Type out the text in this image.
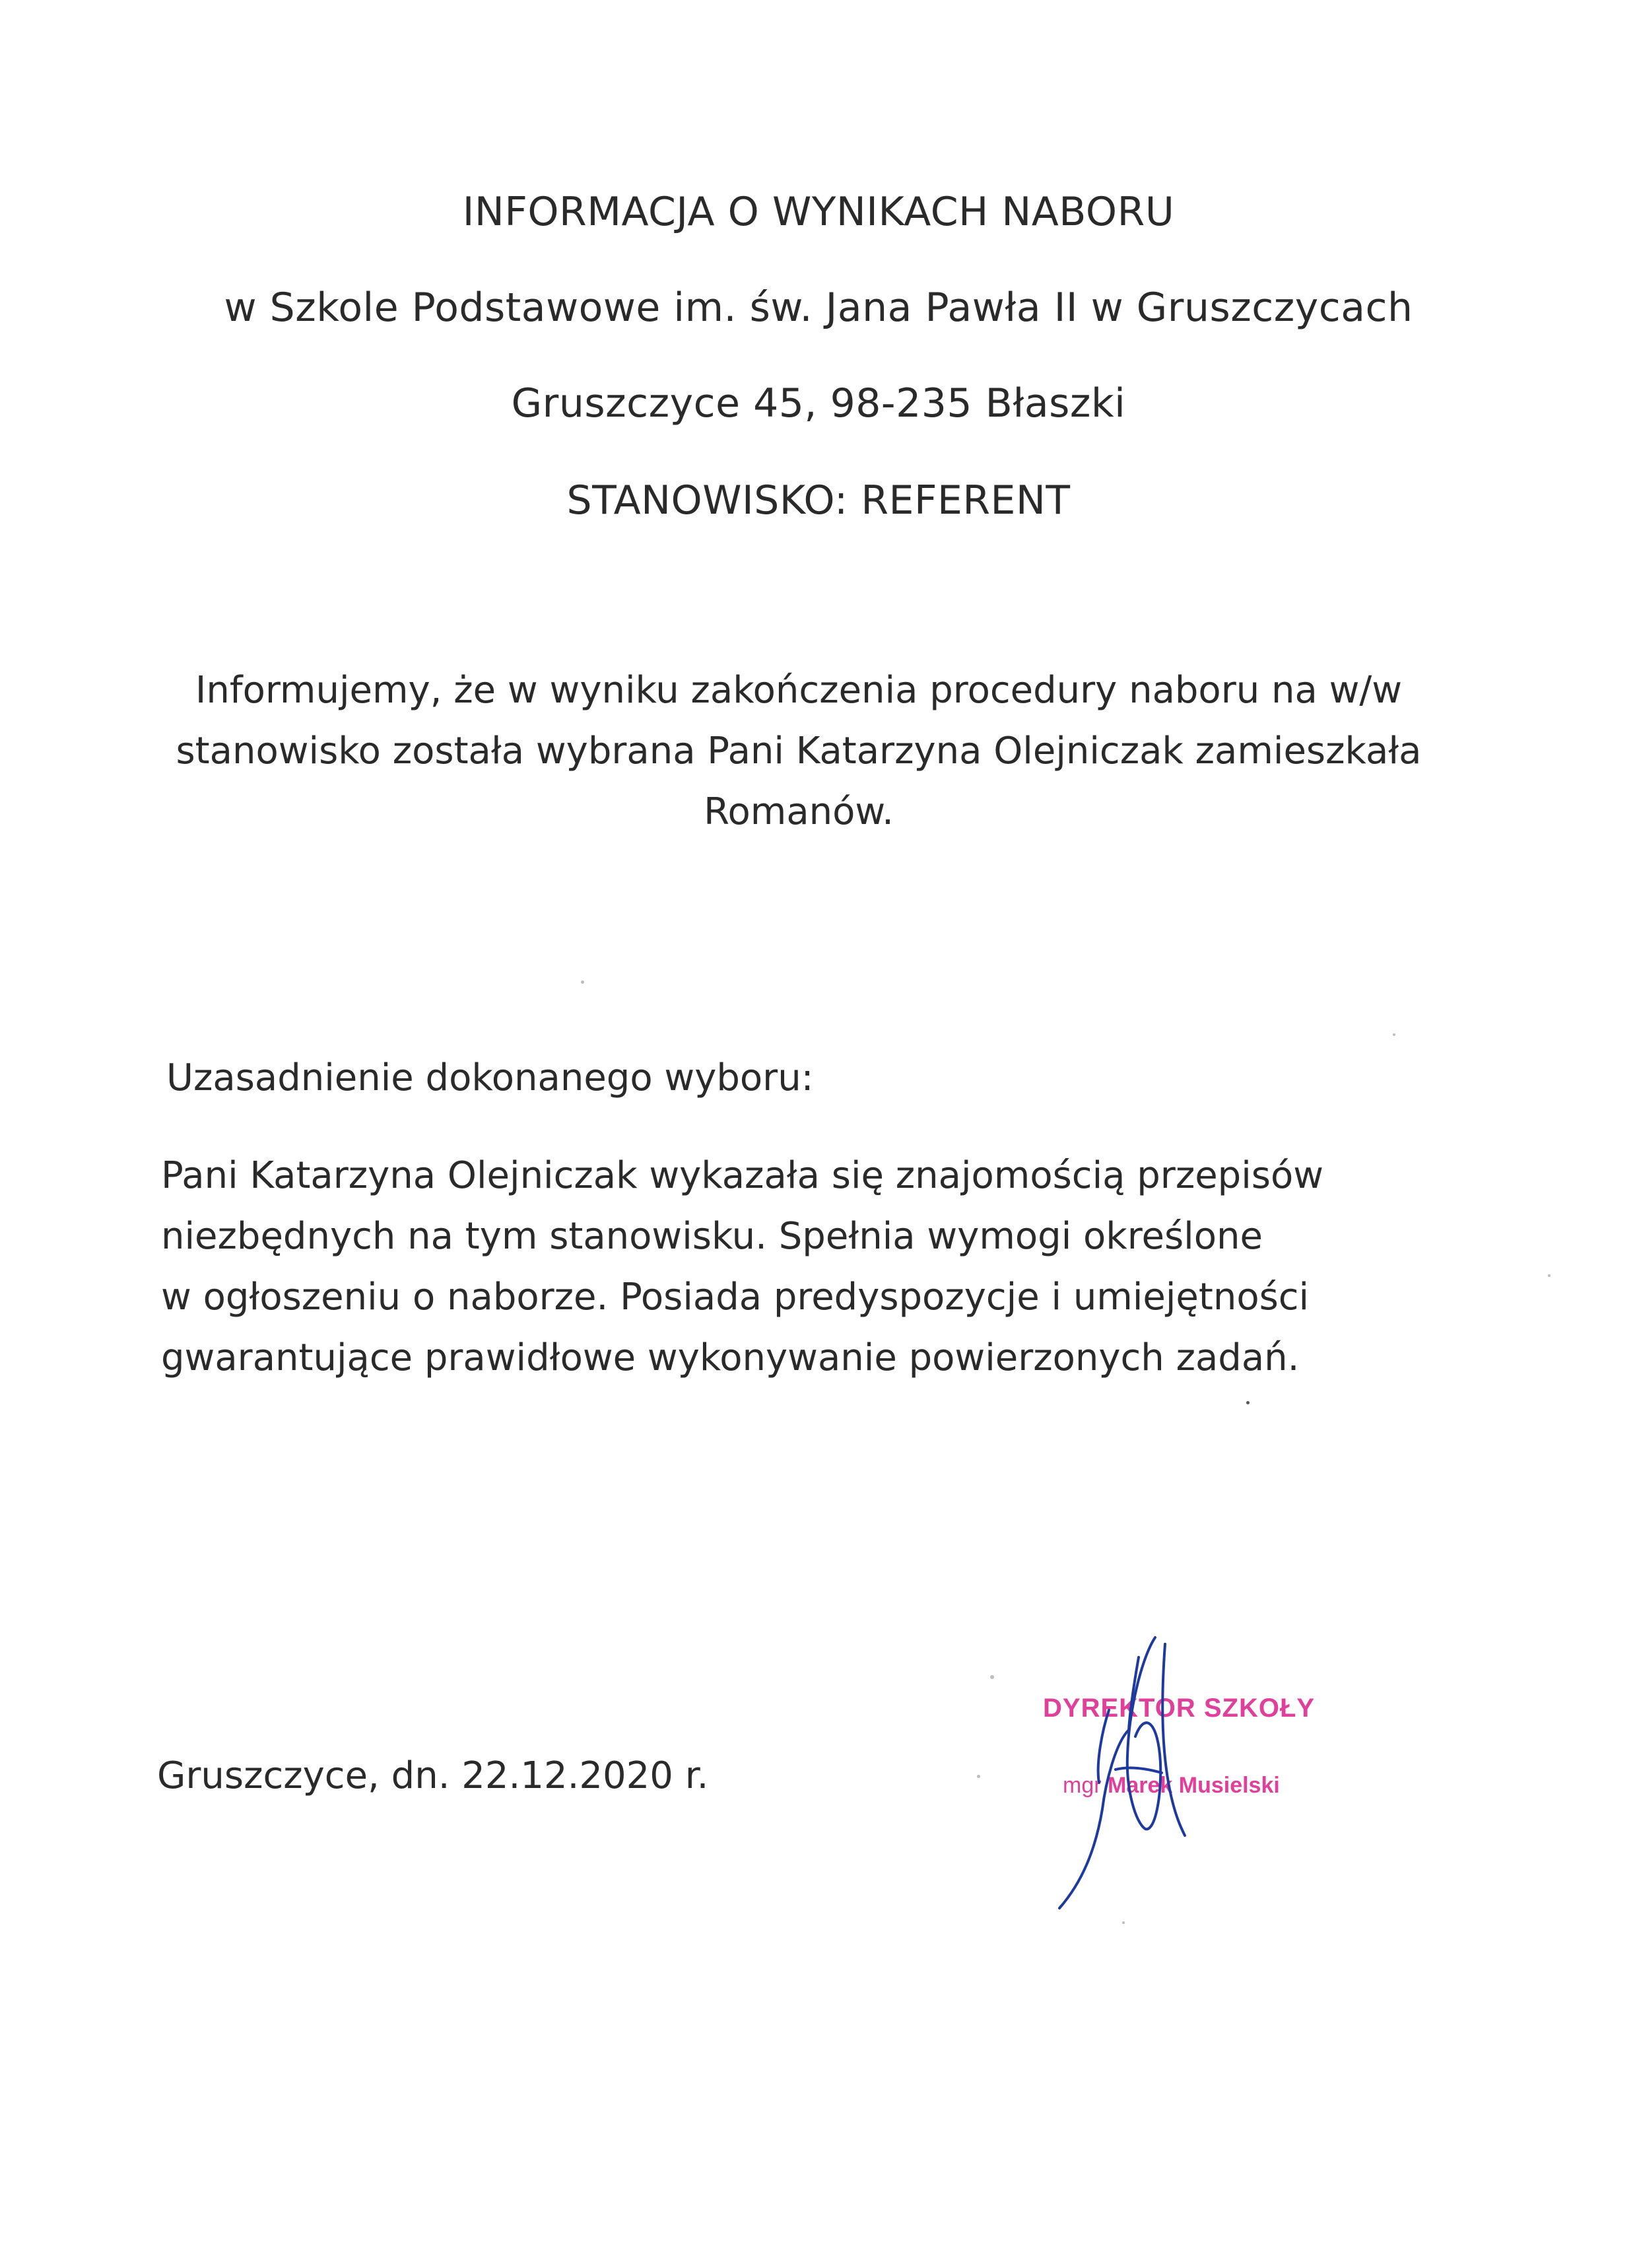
INFORMACJA O WYNIKACH NABORU
w Szkole Podstawowe im. św. Jana Pawła II w Gruszczycach
Gruszczyce 45, 98-235 Błaszki
STANOWISKO: REFERENT

Informujemy, że w wyniku zakończenia procedury naboru na w/w stanowisko została wybrana Pani Katarzyna Olejniczak zamieszkała Romanów.

Uzasadnienie dokonanego wyboru:
Pani Katarzyna Olejniczak wykazała się znajomością przepisów
niezbędnych na tym stanowisku. Spełnia wymogi określone
w ogłoszeniu o naborze. Posiada predyspozycje i umiejętności
gwarantujące prawidłowe wykonywanie powierzonych zadań.
Gruszczyce, dn. 22.12.2020 r.
DYREKTOR SZKOŁY
mgr Marek Musielski
